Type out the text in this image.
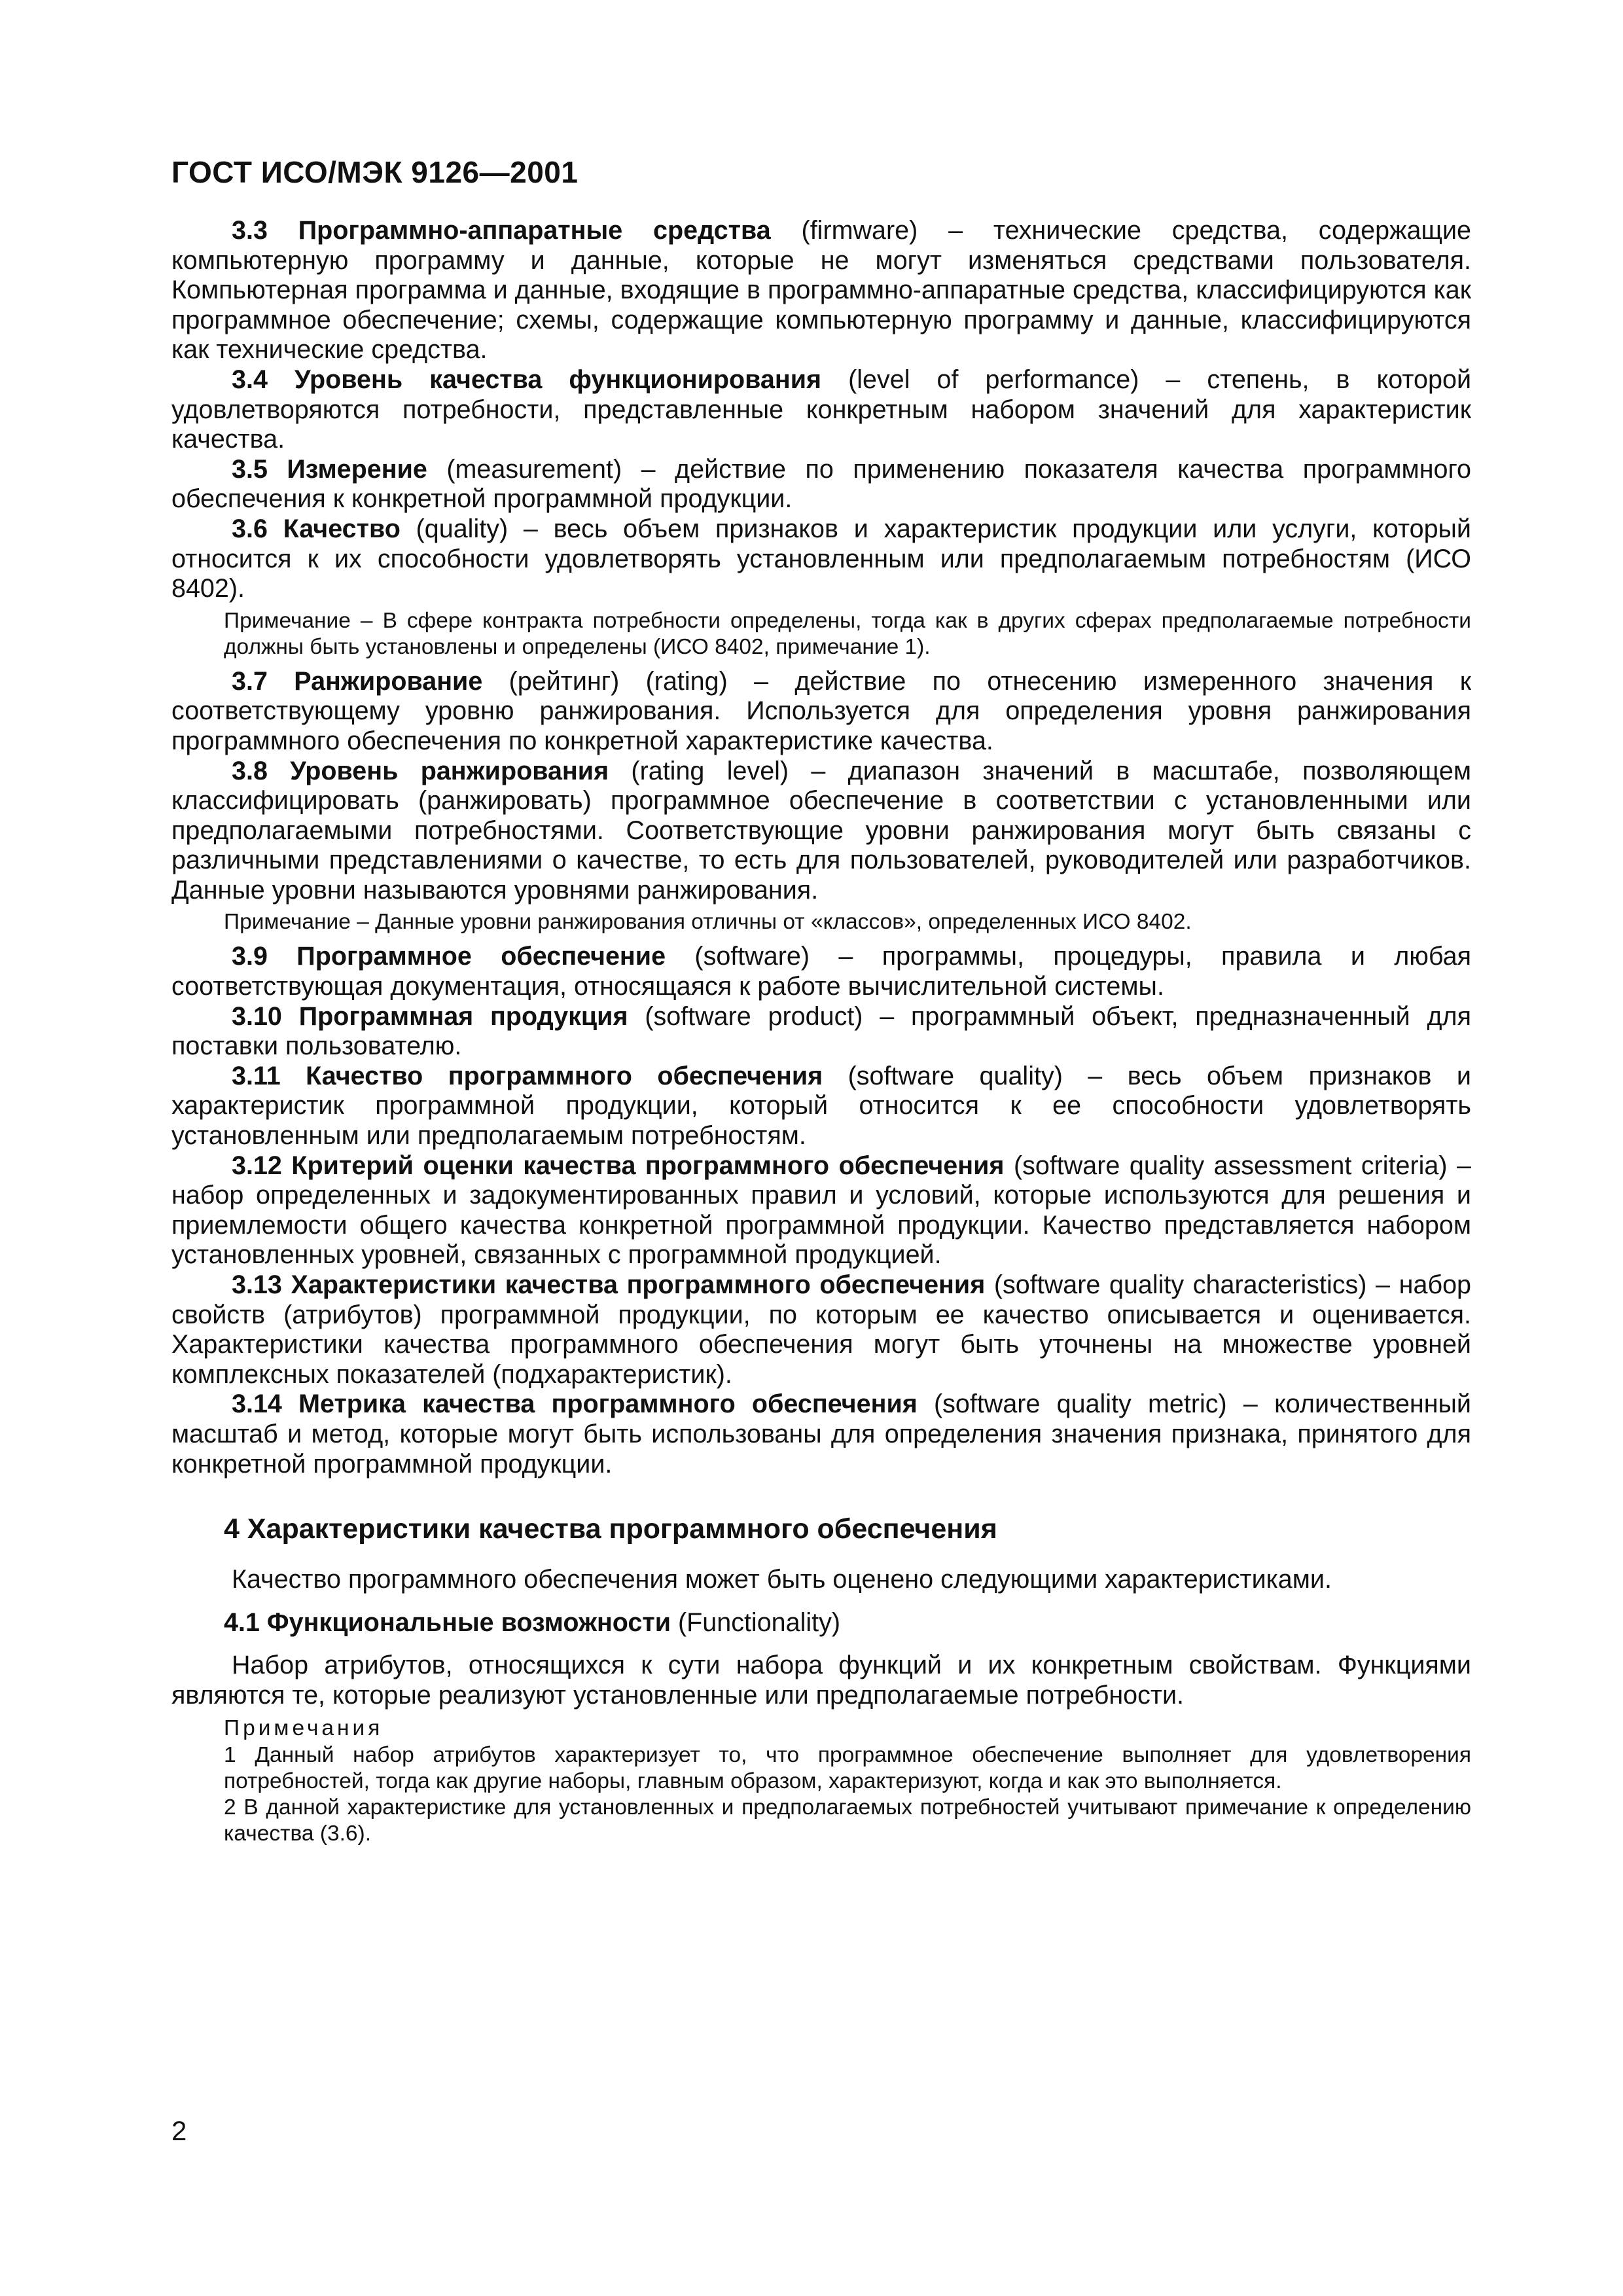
ГОСТ ИСО/МЭК 9126—2001

3.3 Программно-аппаратные средства (firmware) – технические средства, содержащие компьютерную программу и данные, которые не могут изменяться средствами пользователя. Компьютерная программа и данные, входящие в программно-аппаратные средства, классифицируются как программное обеспечение; схемы, содержащие компьютерную программу и данные, классифицируются как технические средства.

3.4 Уровень качества функционирования (level of performance) – степень, в которой удовлетворяются потребности, представленные конкретным набором значений для характеристик качества.

3.5 Измерение (measurement) – действие по применению показателя качества программного обеспечения к конкретной программной продукции.

3.6 Качество (quality) – весь объем признаков и характеристик продукции или услуги, который относится к их способности удовлетворять установленным или предполагаемым потребностям (ИСО 8402).

Примечание – В сфере контракта потребности определены, тогда как в других сферах предполагаемые потребности должны быть установлены и определены (ИСО 8402, примечание 1).

3.7 Ранжирование (рейтинг) (rating) – действие по отнесению измеренного значения к соответствующему уровню ранжирования. Используется для определения уровня ранжирования программного обеспечения по конкретной характеристике качества.

3.8 Уровень ранжирования (rating level) – диапазон значений в масштабе, позволяющем классифицировать (ранжировать) программное обеспечение в соответствии с установленными или предполагаемыми потребностями. Соответствующие уровни ранжирования могут быть связаны с различными представлениями о качестве, то есть для пользователей, руководителей или разработчиков. Данные уровни называются уровнями ранжирования.

Примечание – Данные уровни ранжирования отличны от «классов», определенных ИСО 8402.

3.9 Программное обеспечение (software) – программы, процедуры, правила и любая соответствующая документация, относящаяся к работе вычислительной системы.

3.10 Программная продукция (software product) – программный объект, предназначенный для поставки пользователю.

3.11 Качество программного обеспечения (software quality) – весь объем признаков и характеристик программной продукции, который относится к ее способности удовлетворять установленным или предполагаемым потребностям.

3.12 Критерий оценки качества программного обеспечения (software quality assessment criteria) – набор определенных и задокументированных правил и условий, которые используются для решения и приемлемости общего качества конкретной программной продукции. Качество представляется набором установленных уровней, связанных с программной продукцией.

3.13 Характеристики качества программного обеспечения (software quality characteristics) – набор свойств (атрибутов) программной продукции, по которым ее качество описывается и оценивается. Характеристики качества программного обеспечения могут быть уточнены на множестве уровней комплексных показателей (подхарактеристик).

3.14 Метрика качества программного обеспечения (software quality metric) – количественный масштаб и метод, которые могут быть использованы для определения значения признака, принятого для конкретной программной продукции.

4 Характеристики качества программного обеспечения

Качество программного обеспечения может быть оценено следующими характеристиками.

4.1 Функциональные возможности (Functionality)

Набор атрибутов, относящихся к сути набора функций и их конкретным свойствам. Функциями являются те, которые реализуют установленные или предполагаемые потребности.

Примечания

1 Данный набор атрибутов характеризует то, что программное обеспечение выполняет для удовлетворения потребностей, тогда как другие наборы, главным образом, характеризуют, когда и как это выполняется.

2 В данной характеристике для установленных и предполагаемых потребностей учитывают примечание к определению качества (3.6).

2
